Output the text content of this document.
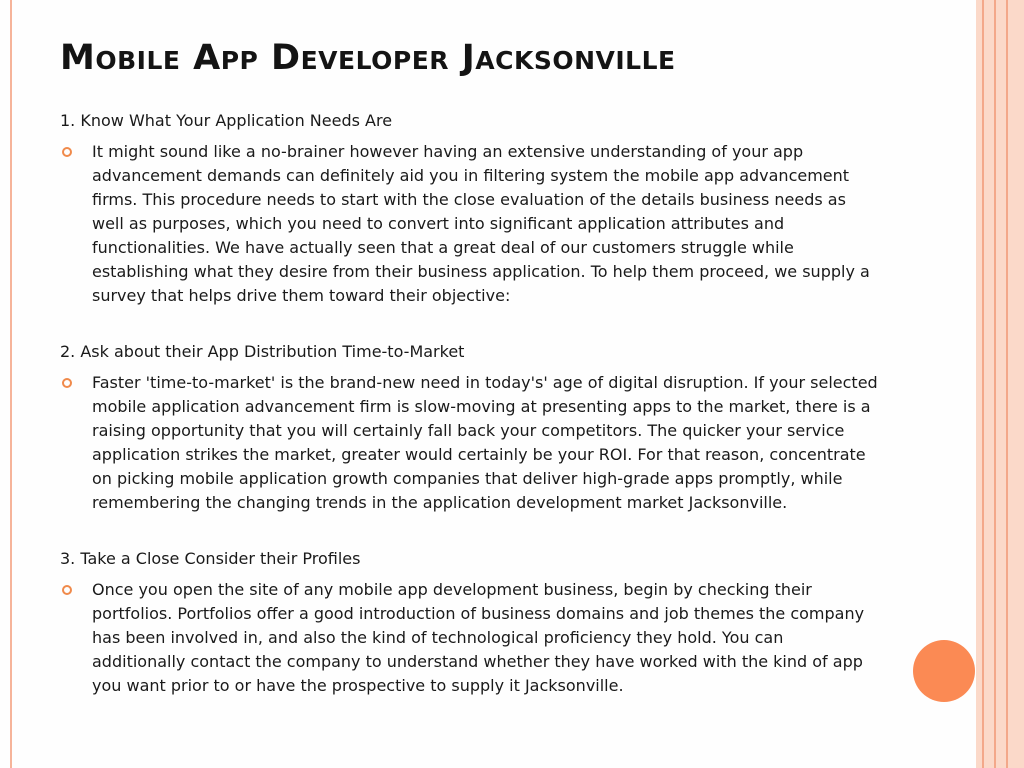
Mobile App Developer Jacksonville
1. Know What Your Application Needs Are
It might sound like a no-brainer however having an extensive understanding of your app advancement demands can definitely aid you in filtering system the mobile app advancement firms. This procedure needs to start with the close evaluation of the details business needs as well as purposes, which you need to convert into significant application attributes and functionalities. We have actually seen that a great deal of our customers struggle while establishing what they desire from their business application. To help them proceed, we supply a survey that helps drive them toward their objective:
2. Ask about their App Distribution Time-to-Market
Faster 'time-to-market' is the brand-new need in today's' age of digital disruption. If your selected mobile application advancement firm is slow-moving at presenting apps to the market, there is a raising opportunity that you will certainly fall back your competitors. The quicker your service application strikes the market, greater would certainly be your ROI. For that reason, concentrate on picking mobile application growth companies that deliver high-grade apps promptly, while remembering the changing trends in the application development market Jacksonville.
3. Take a Close Consider their Profiles
Once you open the site of any mobile app development business, begin by checking their portfolios. Portfolios offer a good introduction of business domains and job themes the company has been involved in, and also the kind of technological proficiency they hold. You can additionally contact the company to understand whether they have worked with the kind of app you want prior to or have the prospective to supply it Jacksonville.
